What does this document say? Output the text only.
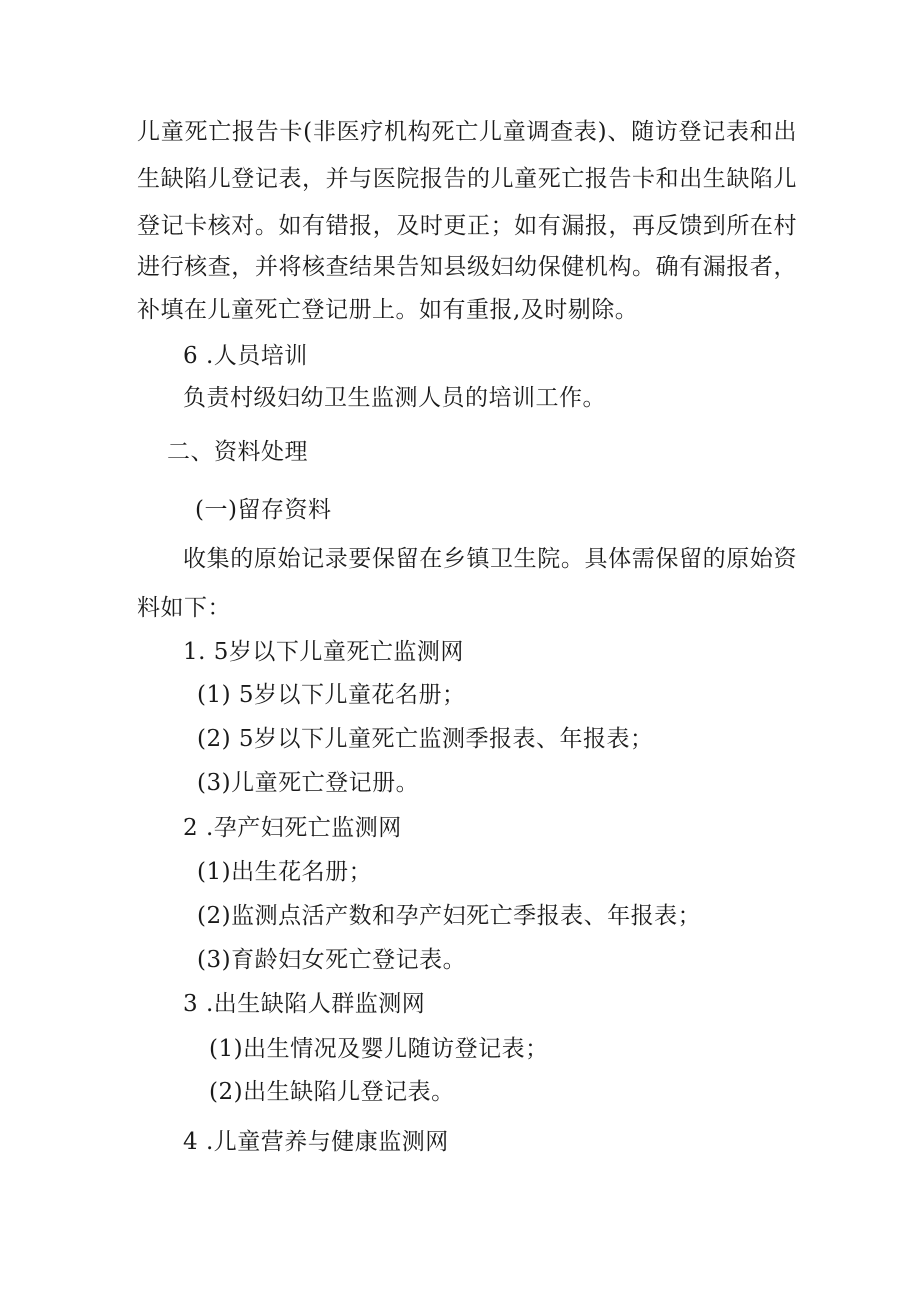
儿童死亡报告卡(非医疗机构死亡儿童调查表)、随访登记表和出
生缺陷儿登记表，并与医院报告的儿童死亡报告卡和出生缺陷儿
登记卡核对。如有错报，及时更正；如有漏报，再反馈到所在村
进行核查，并将核查结果告知县级妇幼保健机构。确有漏报者，
补填在儿童死亡登记册上。如有重报,及时剔除。
6 .人员培训
负责村级妇幼卫生监测人员的培训工作。
二、资料处理
(一)留存资料
收集的原始记录要保留在乡镇卫生院。具体需保留的原始资
料如下：
1. 5岁以下儿童死亡监测网
(1) 5岁以下儿童花名册；
(2) 5岁以下儿童死亡监测季报表、年报表；
(3)儿童死亡登记册。
2 .孕产妇死亡监测网
(1)出生花名册；
(2)监测点活产数和孕产妇死亡季报表、年报表；
(3)育龄妇女死亡登记表。
3 .出生缺陷人群监测网
(1)出生情况及婴儿随访登记表；
(2)出生缺陷儿登记表。
4 .儿童营养与健康监测网
